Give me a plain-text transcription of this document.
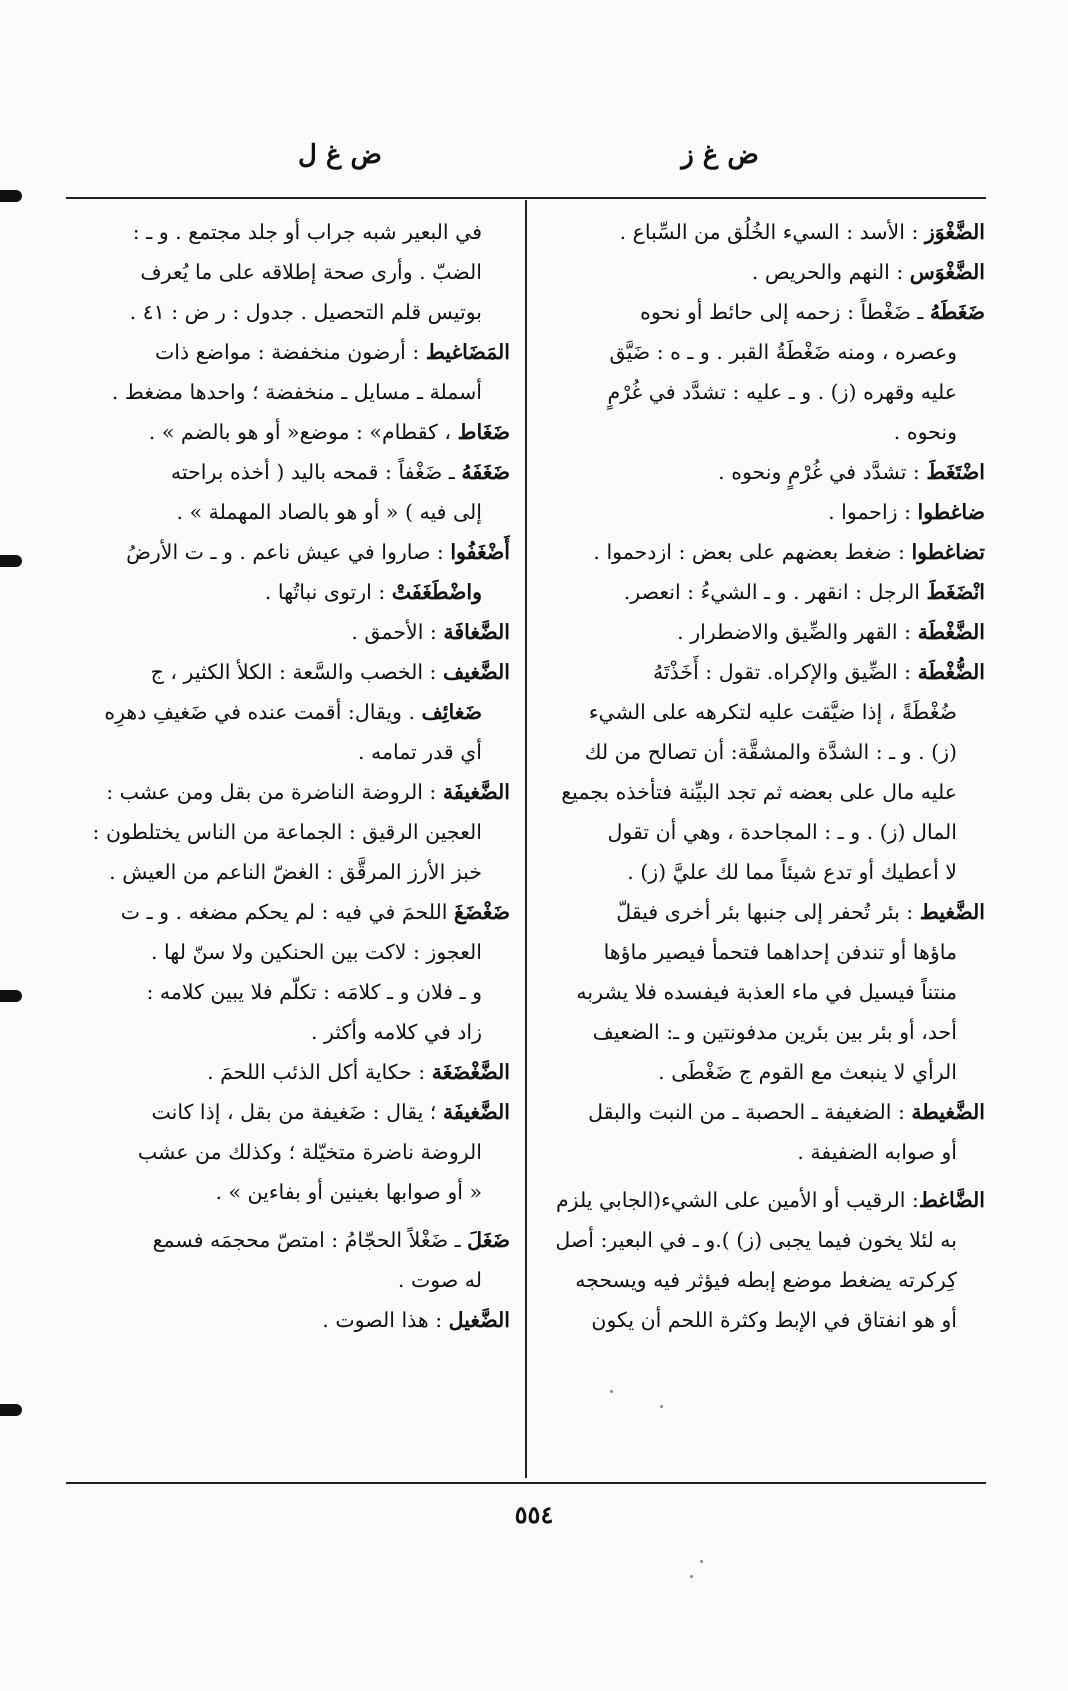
ض غ ز
ض غ ل
الضَّغْوَز : الأسد : السيء الخُلُق من السِّباع .
الضَّغْوَس : النهم والحريص .
ضَغَطَهُ ـ ضَغْطاً : زحمه إلى حائط أو نحوه
وعصره ، ومنه ضَغْطَةُ القبر . و ـ ه : ضَيَّق
عليه وقهره (ز) . و ـ عليه : تشدَّد في غُرْمٍ
ونحوه .
اضْتَغَطَ : تشدَّد في غُرْمٍ ونحوه .
ضاغطوا : زاحموا .
تضاغطوا : ضغط بعضهم على بعض : ازدحموا .
انْضَغَطَ الرجل : انقهر . و ـ الشيءُ : انعصر.
الضَّغْطَة : القهر والضِّيق والاضطرار .
الضُّغْطَة : الضِّيق والإكراه. تقول : أَخَذْتَهُ
ضُغْطَةً ، إذا ضيَّقت عليه لتكرهه على الشيء
(ز) . و ـ : الشدَّة والمشقَّة: أن تصالح من لك
عليه مال على بعضه ثم تجد البيِّنة فتأخذه بجميع
المال (ز) . و ـ : المجاحدة ، وهي أن تقول
لا أعطيك أو تدع شيئاً مما لك عليَّ (ز) .
الضَّغيط : بئر تُحفر إلى جنبها بئر أخرى فيقلّ
ماؤها أو تندفن إحداهما فتحمأ فيصير ماؤها
منتناً فيسيل في ماء العذبة فيفسده فلا يشربه
أحد، أو بئر بين بئرين مدفونتين و ـ: الضعيف
الرأي لا ينبعث مع القوم ج ضَغْطَى .
الضَّغيطة : الضغيفة ـ الحصبة ـ من النبت والبقل
أو صوابه الضفيفة .
الضَّاغط: الرقيب أو الأمين على الشيء(الجابي يلزم
به لئلا يخون فيما يجبى (ز) ).و ـ في البعير: أصل
كِركرته يضغط موضع إبطه فيؤثر فيه ويسحجه
أو هو انفتاق في الإبط وكثرة اللحم أن يكون
في البعير شبه جراب أو جلد مجتمع . و ـ :
الضبّ . وأرى صحة إطلاقه على ما يُعرف
بوتيس قلم التحصيل . جدول : ر ض : ٤١ .
المَضَاغيط : أرضون منخفضة : مواضع ذات
أسملة ـ مسايل ـ منخفضة ؛ واحدها مضغط .
ضَغَاط ، كقطام» : موضع« أو هو بالضم » .
ضَغَفَهُ ـ ضَغْفاً : قمحه باليد ( أخذه براحته
إلى فيه ) « أو هو بالصاد المهملة » .
أَضْغَفُوا : صاروا في عيش ناعم . و ـ ت الأرضُ
واضْطَغَفَتْ : ارتوى نباتُها .
الضَّغافَة : الأحمق .
الضَّغيف : الخصب والسَّعة : الكلأ الكثير ، ج
ضَغائِف . ويقال: أقمت عنده في ضَغيفِ دهرِه
أي قدر تمامه .
الضَّغيفَة : الروضة الناضرة من بقل ومن عشب :
العجين الرقيق : الجماعة من الناس يختلطون :
خبز الأرز المرقَّق : الغضّ الناعم من العيش .
ضَغْضَغَ اللحمَ في فيه : لم يحكم مضغه . و ـ ت
العجوز : لاكت بين الحنكين ولا سنّ لها .
و ـ فلان و ـ كلامَه : تكلّم فلا يبين كلامه :
زاد في كلامه وأكثر .
الضَّغْضَغَة : حكاية أكل الذئب اللحمَ .
الضَّغيفَة ؛ يقال : ضَغيفة من بقل ، إذا كانت
الروضة ناضرة متخيّلة ؛ وكذلك من عشب
« أو صوابها بغينين أو بفاءين » .
ضَغَلَ ـ ضَغْلاً الحجّامُ : امتصّ محجمَه فسمع
له صوت .
الضَّغيل : هذا الصوت .
٥٥٤
